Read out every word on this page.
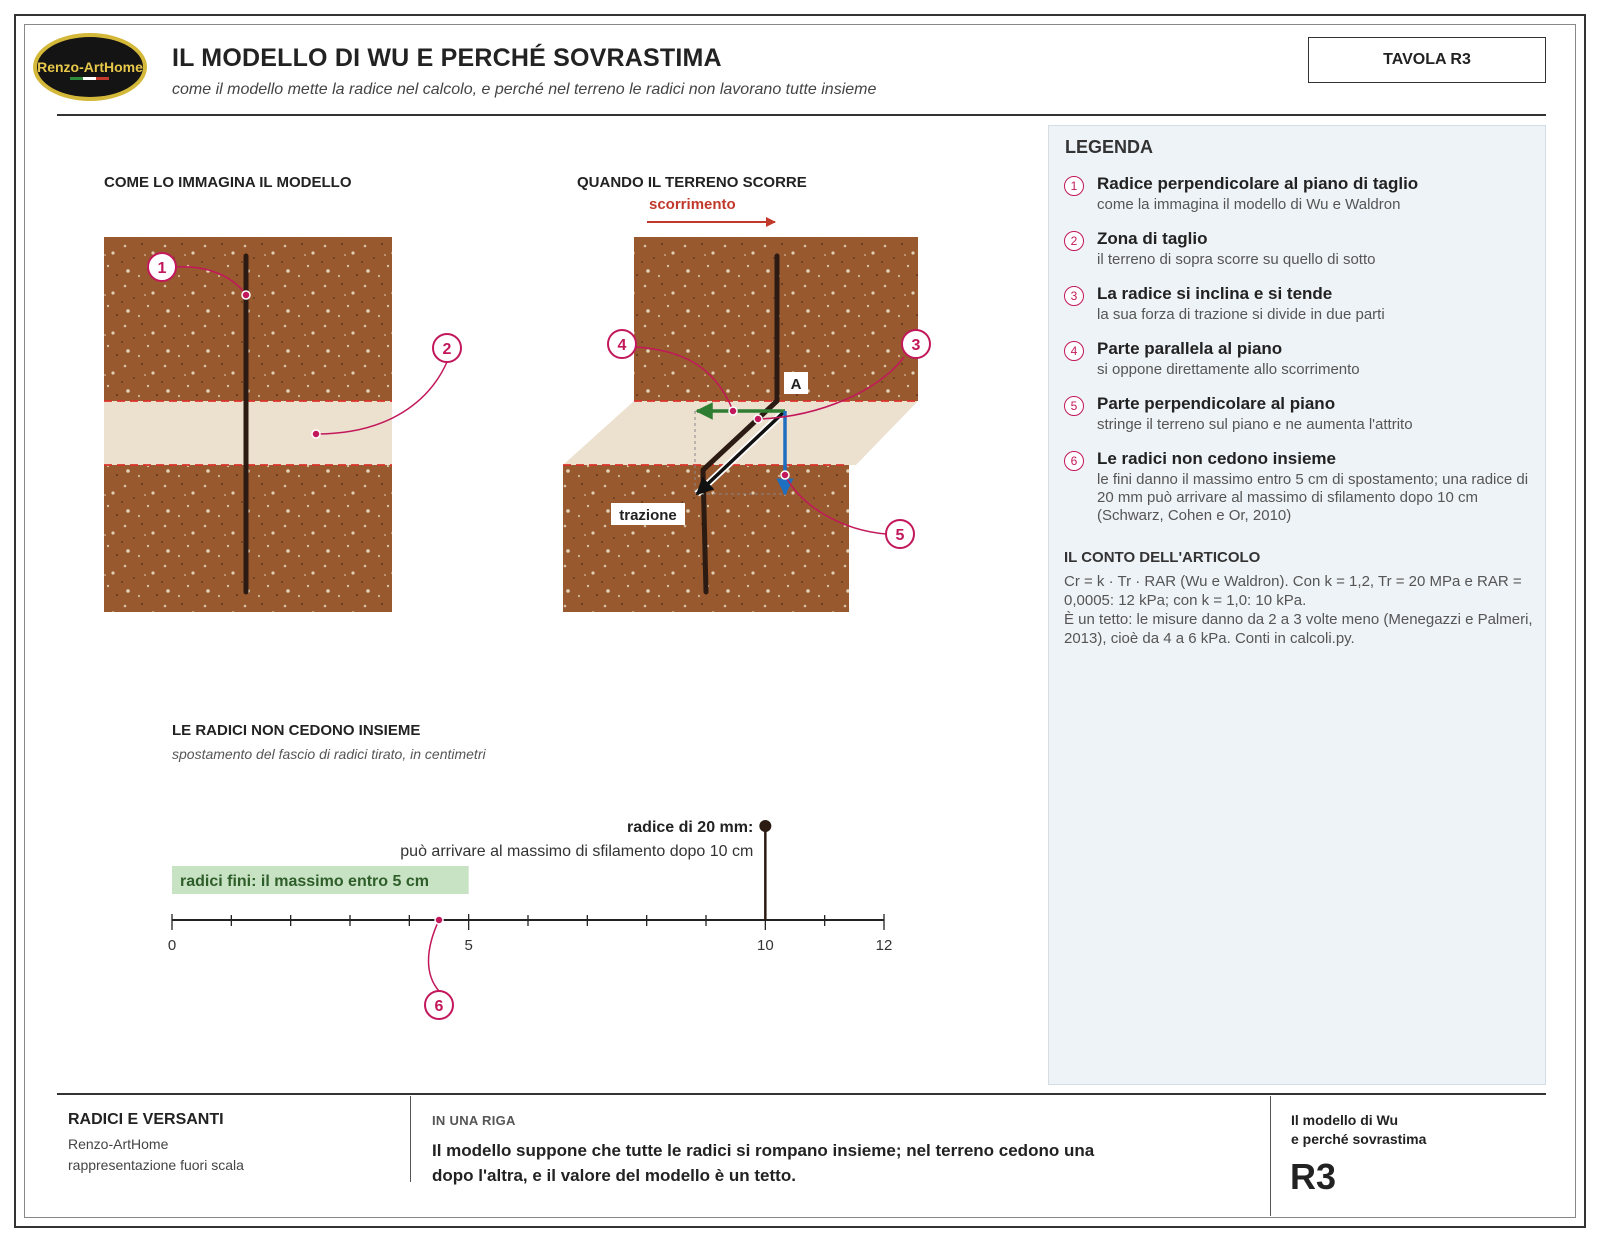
Renzo-ArtHome IL MODELLO DI WU E PERCHÉ SOVRASTIMA
come il modello mette la radice nel calcolo, e perché nel terreno le radici non lavorano tutte insieme
TAVOLA R3
COME LO IMMAGINA IL MODELLO
1
2
QUANDO IL TERRENO SCORRE
scorrimento
A
trazione
3
4
5
LE RADICI NON CEDONO INSIEME
spostamento del fascio di radici tirato, in centimetri
radici fini: il massimo entro 5 cm
0	5	10	12
radice di 20 mm:
può arrivare al massimo di sfilamento dopo 10 cm
6
LEGENDA
1	Radice perpendicolare al piano di taglio
come la immagina il modello di Wu e Waldron
2	Zona di taglio
il terreno di sopra scorre su quello di sotto
3	La radice si inclina e si tende
la sua forza di trazione si divide in due parti
4	Parte parallela al piano
si oppone direttamente allo scorrimento
5	Parte perpendicolare al piano
stringe il terreno sul piano e ne aumenta l'attrito
6	Le radici non cedono insieme
le fini danno il massimo entro 5 cm di spostamento; una radice di 20 mm può arrivare al massimo di sfilamento dopo 10 cm (Schwarz, Cohen e Or, 2010)
IL CONTO DELL'ARTICOLO
Cr = k · Tr · RAR (Wu e Waldron). Con k = 1,2, Tr = 20 MPa e RAR = 0,0005: 12 kPa; con k = 1,0: 10 kPa.
È un tetto: le misure danno da 2 a 3 volte meno (Menegazzi e Palmeri, 2013), cioè da 4 a 6 kPa. Conti in calcoli.py.
RADICI E VERSANTI
Renzo-ArtHome
rappresentazione fuori scala
IN UNA RIGA
Il modello suppone che tutte le radici si rompano insieme; nel terreno cedono una dopo l'altra, e il valore del modello è un tetto.
Il modello di Wu
e perché sovrastima
R3
